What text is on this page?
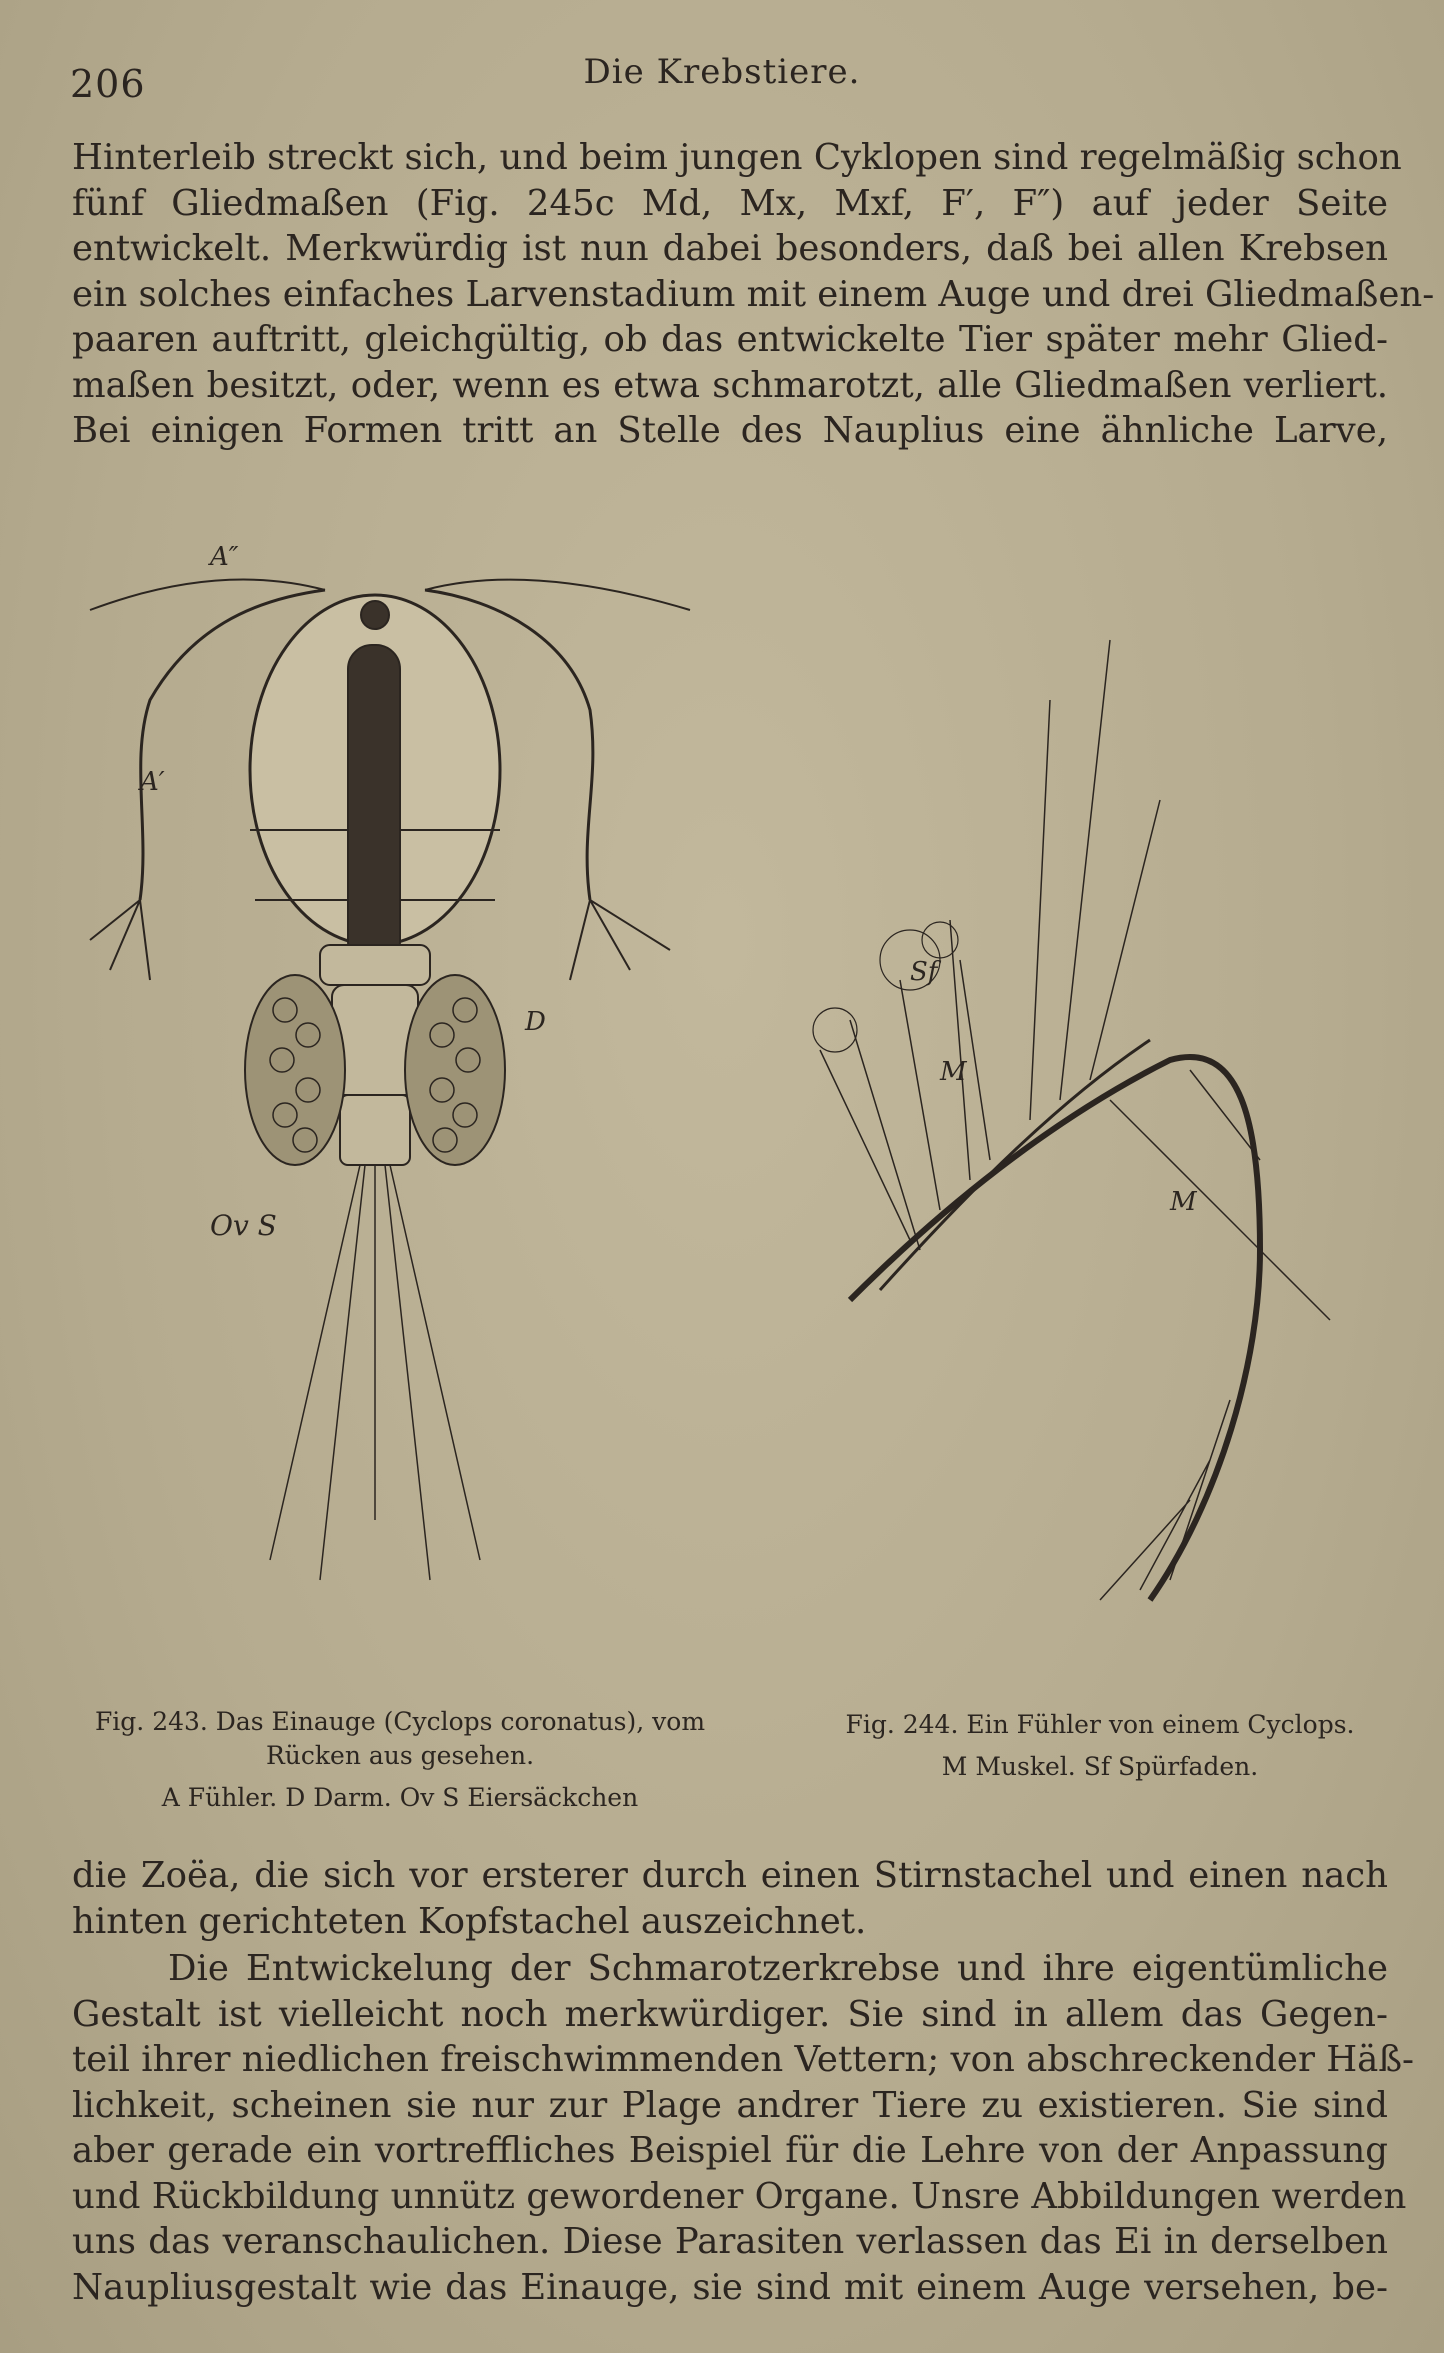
206	Die Krebstiere.
Hinterleib streckt sich, und beim jungen Cyklopen sind regelmäßig schon
fünf Gliedmaßen (Fig. 245c Md, Mx, Mxf, F′, F″) auf jeder Seite
entwickelt. Merkwürdig ist nun dabei besonders, daß bei allen Krebsen
ein solches einfaches Larvenstadium mit einem Auge und drei Gliedmaßen-
paaren auftritt, gleichgültig, ob das entwickelte Tier später mehr Glied-
maßen besitzt, oder, wenn es etwa schmarotzt, alle Gliedmaßen verliert.
Bei einigen Formen tritt an Stelle des Nauplius eine ähnliche Larve,
A″
A′
D
Ov S
Sf
M
M
Fig. 243. Das Einauge (Cyclops coronatus), vom
Rücken aus gesehen.
A Fühler. D Darm. Ov S Eiersäckchen
Fig. 244. Ein Fühler von einem Cyclops.
M Muskel. Sf Spürfaden.
die Zoëa, die sich vor ersterer durch einen Stirnstachel und einen nach
hinten gerichteten Kopfstachel auszeichnet.
Die Entwickelung der Schmarotzerkrebse und ihre eigentümliche
Gestalt ist vielleicht noch merkwürdiger. Sie sind in allem das Gegen-
teil ihrer niedlichen freischwimmenden Vettern; von abschreckender Häß-
lichkeit, scheinen sie nur zur Plage andrer Tiere zu existieren. Sie sind
aber gerade ein vortreffliches Beispiel für die Lehre von der Anpassung
und Rückbildung unnütz gewordener Organe. Unsre Abbildungen werden
uns das veranschaulichen. Diese Parasiten verlassen das Ei in derselben
Naupliusgestalt wie das Einauge, sie sind mit einem Auge versehen, be-
